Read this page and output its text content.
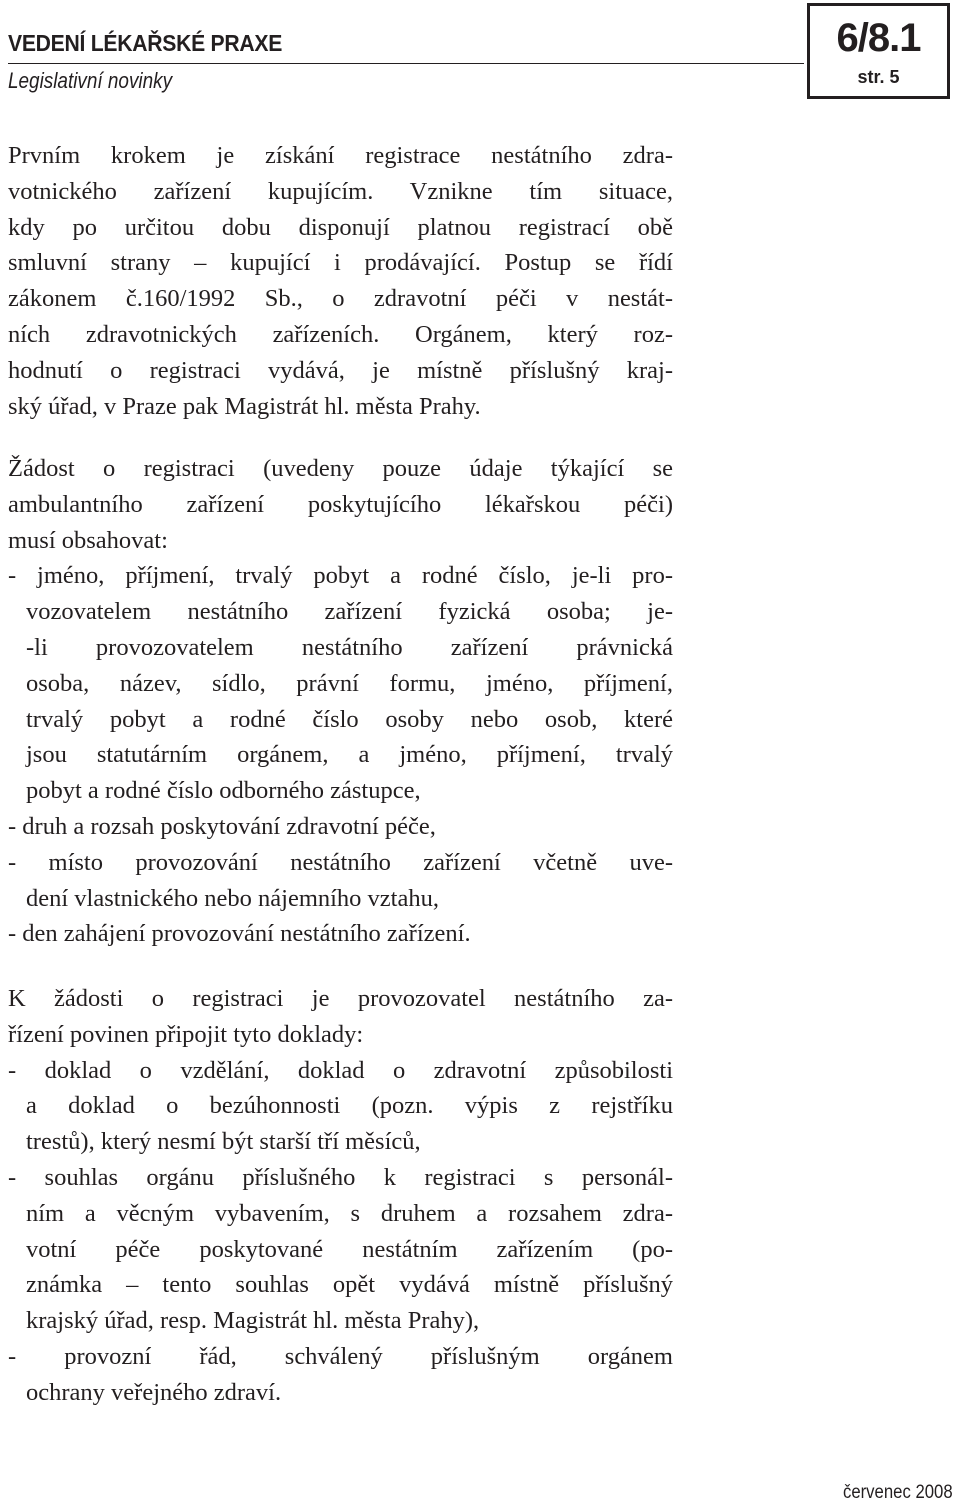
VEDENÍ LÉKAŘSKÉ PRAXE
Legislativní novinky
6/8.1
str. 5
Prvním krokem je získání registrace nestátního zdra-
votnického zařízení kupujícím. Vznikne tím situace,
kdy po určitou dobu disponují platnou registrací obě
smluvní strany – kupující i prodávající. Postup se řídí
zákonem č.160/1992 Sb., o zdravotní péči v nestát-
ních zdravotnických zařízeních. Orgánem, který roz-
hodnutí o registraci vydává, je místně příslušný kraj-
ský úřad, v Praze pak Magistrát hl. města Prahy.
Žádost o registraci (uvedeny pouze údaje týkající se
ambulantního zařízení poskytujícího lékařskou péči)
musí obsahovat:
- jméno, příjmení, trvalý pobyt a rodné číslo, je-li pro-
vozovatelem nestátního zařízení fyzická osoba; je-
-li provozovatelem nestátního zařízení právnická
osoba, název, sídlo, právní formu, jméno, příjmení,
trvalý pobyt a rodné číslo osoby nebo osob, které
jsou statutárním orgánem, a jméno, příjmení, trvalý
pobyt a rodné číslo odborného zástupce,
- druh a rozsah poskytování zdravotní péče,
- místo provozování nestátního zařízení včetně uve-
dení vlastnického nebo nájemního vztahu,
- den zahájení provozování nestátního zařízení.
K žádosti o registraci je provozovatel nestátního za-
řízení povinen připojit tyto doklady:
- doklad o vzdělání, doklad o zdravotní způsobilosti
a doklad o bezúhonnosti (pozn. výpis z rejstříku
trestů), který nesmí být starší tří měsíců,
- souhlas orgánu příslušného k registraci s personál-
ním a věcným vybavením, s druhem a rozsahem zdra-
votní péče poskytované nestátním zařízením (po-
známka – tento souhlas opět vydává místně příslušný
krajský úřad, resp. Magistrát hl. města Prahy),
- provozní řád, schválený příslušným orgánem
ochrany veřejného zdraví.
červenec 2008
